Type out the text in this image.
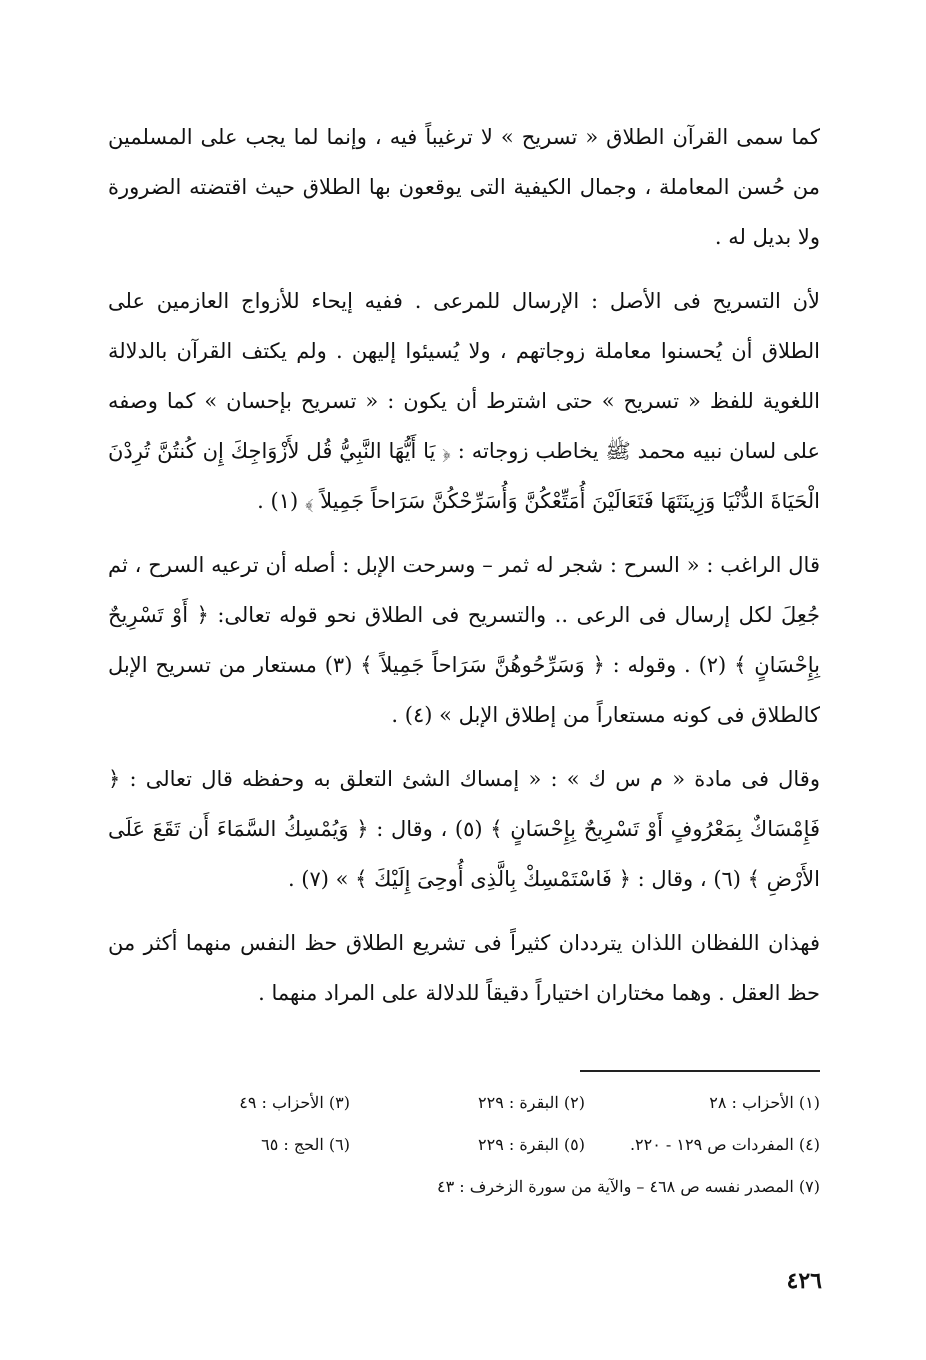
كما سمى القرآن الطلاق « تسريح » لا ترغيباً فيه ، وإنما لما يجب على المسلمين من حُسن المعاملة ، وجمال الكيفية التى يوقعون بها الطلاق حيث اقتضته الضرورة ولا بديل له .

لأن التسريح فى الأصل : الإرسال للمرعى . ففيه إيحاء للأزواج العازمين على الطلاق أن يُحسنوا معاملة زوجاتهم ، ولا يُسيئوا إليهن . ولم يكتف القرآن بالدلالة اللغوية للفظ « تسريح » حتى اشترط أن يكون : « تسريح بإحسان » كما وصفه على لسان نبيه محمد ﷺ يخاطب زوجاته : ﴿ يَا أَيُّهَا النَّبِيُّ قُل لأَزْوَاجِكَ إِن كُنتُنَّ تُرِدْنَ الْحَيَاةَ الدُّنْيَا وَزِينَتَهَا فَتَعَالَيْنَ أُمَتِّعْكُنَّ وَأُسَرِّحْكُنَّ سَرَاحاً جَمِيلاً ﴾ (١) .

قال الراغب : « السرح : شجر له ثمر – وسرحت الإبل : أصله أن ترعيه السرح ، ثم جُعِلَ لكل إرسال فى الرعى .. والتسريح فى الطلاق نحو قوله تعالى: ﴿ أَوْ تَسْرِيحٌ بِإِحْسَانٍ ﴾ (٢) . وقوله : ﴿ وَسَرِّحُوهُنَّ سَرَاحاً جَمِيلاً ﴾ (٣) مستعار من تسريح الإبل كالطلاق فى كونه مستعاراً من إطلاق الإبل » (٤) .

وقال فى مادة « م س ك » : « إمساك الشئ التعلق به وحفظه قال تعالى : ﴿ فَإِمْسَاكٌ بِمَعْرُوفٍ أَوْ تَسْرِيحٌ بِإِحْسَانٍ ﴾ (٥) ، وقال : ﴿ وَيُمْسِكُ السَّمَاءَ أَن تَقَعَ عَلَى الأَرْضِ ﴾ (٦) ، وقال : ﴿ فَاسْتَمْسِكْ بِالَّذِى أُوحِىَ إِلَيْكَ ﴾ » (٧) .

فهذان اللفظان اللذان يترددان كثيراً فى تشريع الطلاق حظ النفس منهما أكثر من حظ العقل . وهما مختاران اختياراً دقيقاً للدلالة على المراد منهما .

(١) الأحزاب : ٢٨
(٢) البقرة : ٢٢٩
(٣) الأحزاب : ٤٩
(٤) المفردات ص ١٢٩ - ٢٢٠.
(٥) البقرة : ٢٢٩
(٦) الحج : ٦٥
(٧) المصدر نفسه ص ٤٦٨ – والآية من سورة الزخرف : ٤٣
٤٢٦
